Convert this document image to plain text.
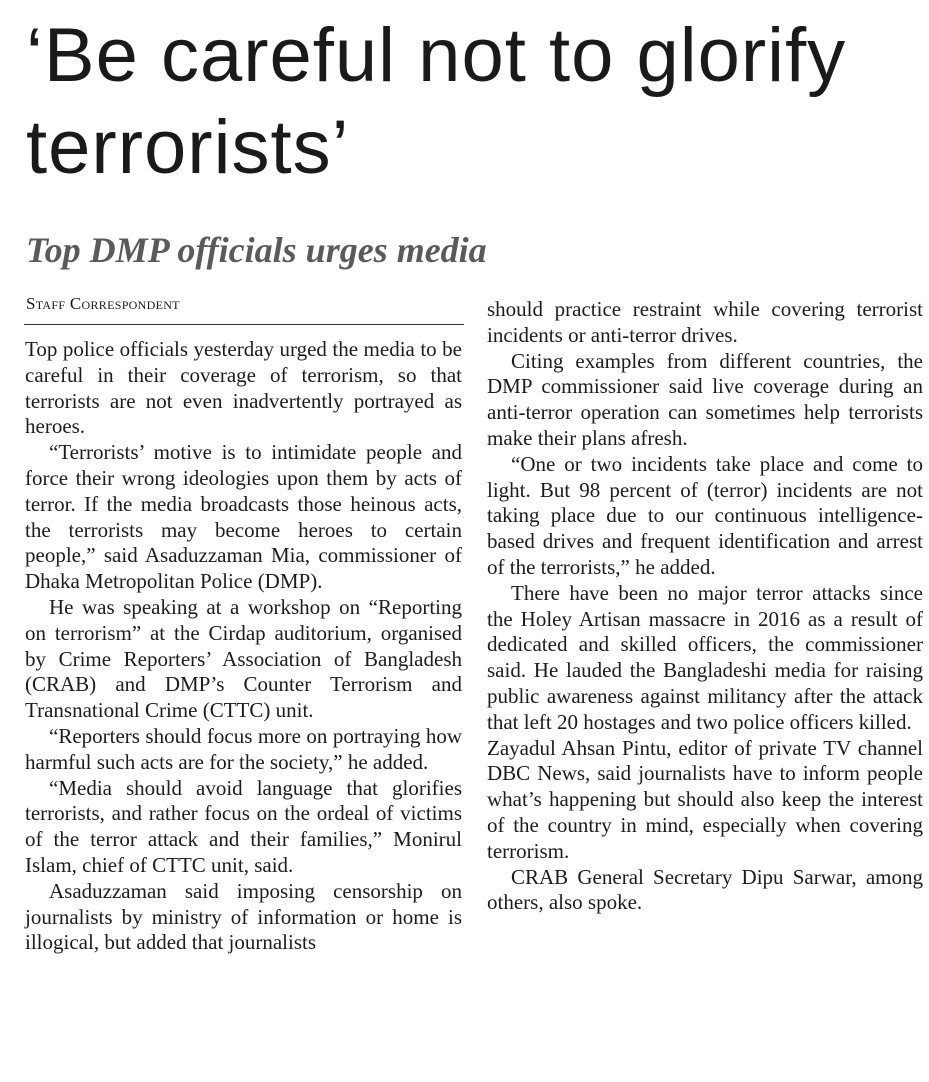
‘Be careful not to glorify terrorists’
Top DMP officials urges media
Staff Correspondent

Top police officials yesterday urged the media to be careful in their coverage of terrorism, so that terrorists are not even inadvertently portrayed as heroes.

“Terrorists’ motive is to intimidate people and force their wrong ideologies upon them by acts of terror. If the media broadcasts those heinous acts, the terrorists may become heroes to certain people,” said Asaduzzaman Mia, commissioner of Dhaka Metropolitan Police (DMP).

He was speaking at a workshop on “Reporting on terrorism” at the Cirdap auditorium, organised by Crime Reporters’ Association of Bangladesh (CRAB) and DMP’s Counter Terrorism and Transnational Crime (CTTC) unit.

“Reporters should focus more on portraying how harmful such acts are for the society,” he added.

“Media should avoid language that glorifies terrorists, and rather focus on the ordeal of victims of the terror attack and their families,” Monirul Islam, chief of CTTC unit, said.

Asaduzzaman said imposing censorship on journalists by ministry of information or home is illogical, but added that journalists

should practice restraint while covering terrorist incidents or anti-terror drives.

Citing examples from different countries, the DMP commissioner said live coverage during an anti-terror operation can sometimes help terrorists make their plans afresh.

“One or two incidents take place and come to light. But 98 percent of (terror) incidents are not taking place due to our continuous intelligence-based drives and frequent identification and arrest of the terrorists,” he added.

There have been no major terror attacks since the Holey Artisan massacre in 2016 as a result of dedicated and skilled officers, the commissioner said. He lauded the Bangladeshi media for raising public awareness against militancy after the attack that left 20 hostages and two police officers killed.

Zayadul Ahsan Pintu, editor of private TV channel DBC News, said journalists have to inform people what’s happening but should also keep the interest of the country in mind, especially when covering terrorism.

CRAB General Secretary Dipu Sarwar, among others, also spoke.
